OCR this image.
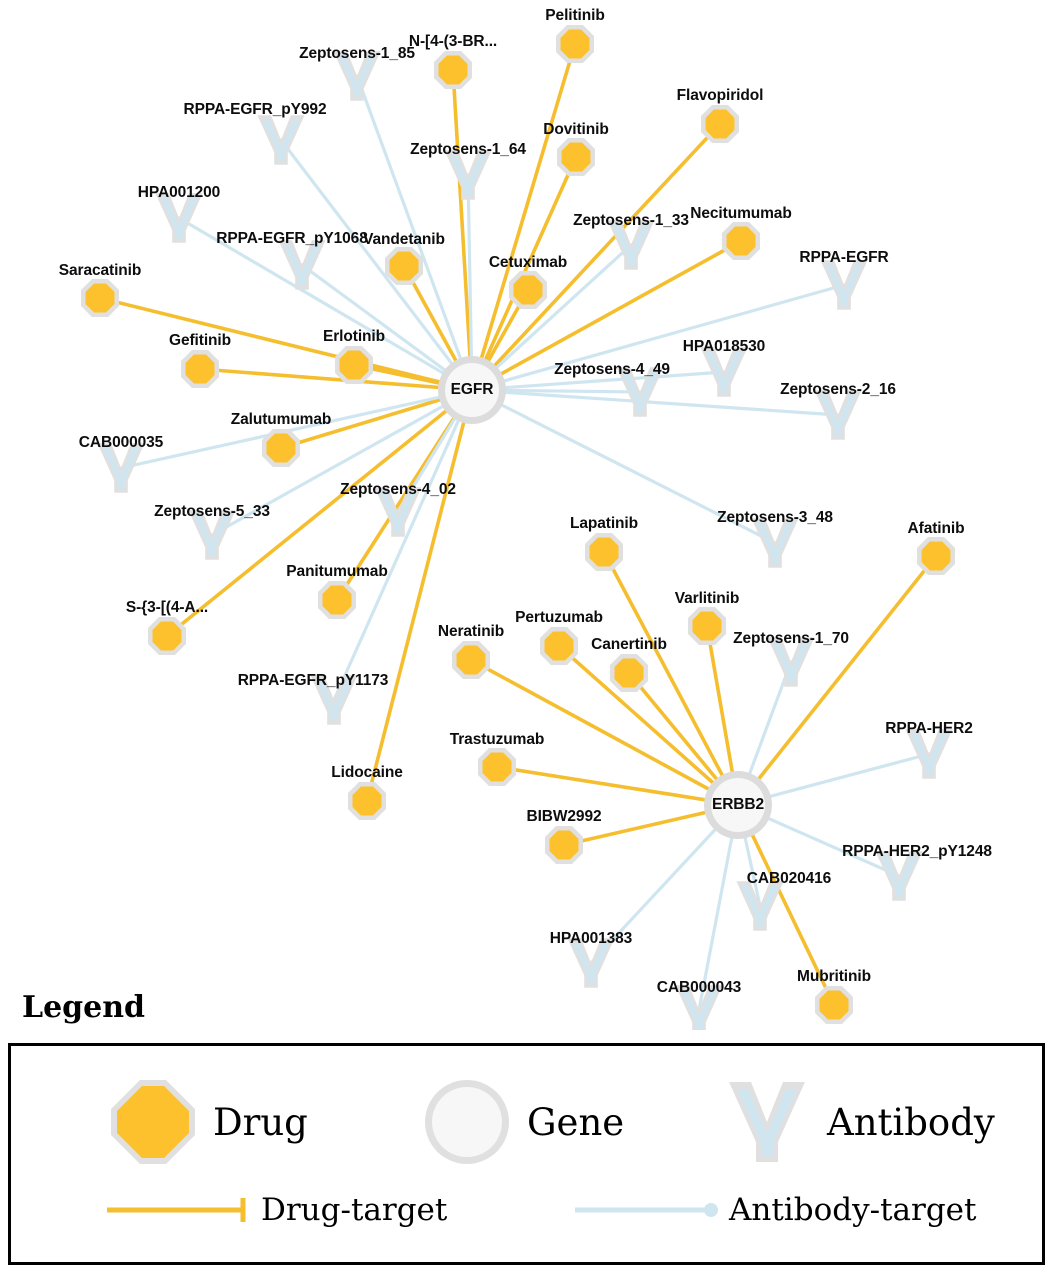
Zeptosens-1_85
RPPA-EGFR_pY992
Zeptosens-1_64
HPA001200
Zeptosens-1_33
RPPA-EGFR_pY1068
RPPA-EGFR
HPA018530
Zeptosens-4_49
Zeptosens-2_16
CAB000035
Zeptosens-4_02
Zeptosens-5_33	Zeptosens-3_48
Zeptosens-1_70
RPPA-EGFR_pY1173
RPPA-HER2
RPPA-HER2_pY1248
CAB020416
HPA001383
CAB000043
Pelitinib
N-[4-(3-BR...
Flavopiridol
Dovitinib
Necitumumab
Vandetanib
Cetuximab
Saracatinib
Gefitinib	Erlotinib
Zalutumumab
Afatinib
Lapatinib
Varlitinib
Panitumumab
S-{3-[(4-A...
Pertuzumab
Neratinib
Canertinib
Trastuzumab
Lidocaine
BIBW2992
Mubritinib
EGFR
ERBB2
Legend
Drug	Gene	Antibody
Drug-target	Antibody-target
